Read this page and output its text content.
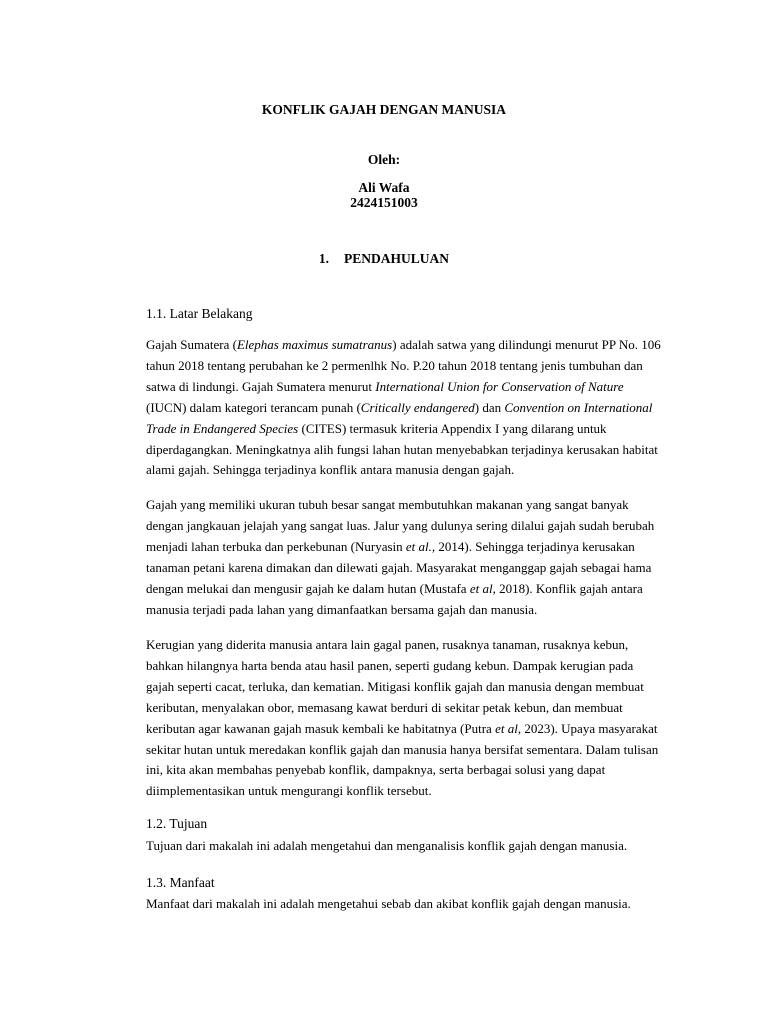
KONFLIK GAJAH DENGAN MANUSIA

Oleh:

Ali Wafa
2424151003

1. PENDAHULUAN
1.1. Latar Belakang

Gajah Sumatera (Elephas maximus sumatranus) adalah satwa yang dilindungi menurut PP No. 106
tahun 2018 tentang perubahan ke 2 permenlhk No. P.20 tahun 2018 tentang jenis tumbuhan dan
satwa di lindungi. Gajah Sumatera menurut International Union for Conservation of Nature
(IUCN) dalam kategori terancam punah (Critically endangered) dan Convention on International
Trade in Endangered Species (CITES) termasuk kriteria Appendix I yang dilarang untuk
diperdagangkan. Meningkatnya alih fungsi lahan hutan menyebabkan terjadinya kerusakan habitat
alami gajah. Sehingga terjadinya konflik antara manusia dengan gajah.

Gajah yang memiliki ukuran tubuh besar sangat membutuhkan makanan yang sangat banyak
dengan jangkauan jelajah yang sangat luas. Jalur yang dulunya sering dilalui gajah sudah berubah
menjadi lahan terbuka dan perkebunan (Nuryasin et al., 2014). Sehingga terjadinya kerusakan
tanaman petani karena dimakan dan dilewati gajah. Masyarakat menganggap gajah sebagai hama
dengan melukai dan mengusir gajah ke dalam hutan (Mustafa et al, 2018). Konflik gajah antara
manusia terjadi pada lahan yang dimanfaatkan bersama gajah dan manusia.

Kerugian yang diderita manusia antara lain gagal panen, rusaknya tanaman, rusaknya kebun,
bahkan hilangnya harta benda atau hasil panen, seperti gudang kebun. Dampak kerugian pada
gajah seperti cacat, terluka, dan kematian. Mitigasi konflik gajah dan manusia dengan membuat
keributan, menyalakan obor, memasang kawat berduri di sekitar petak kebun, dan membuat
keributan agar kawanan gajah masuk kembali ke habitatnya (Putra et al, 2023). Upaya masyarakat
sekitar hutan untuk meredakan konflik gajah dan manusia hanya bersifat sementara. Dalam tulisan
ini, kita akan membahas penyebab konflik, dampaknya, serta berbagai solusi yang dapat
diimplementasikan untuk mengurangi konflik tersebut.

1.2. Tujuan

Tujuan dari makalah ini adalah mengetahui dan menganalisis konflik gajah dengan manusia.

1.3. Manfaat

Manfaat dari makalah ini adalah mengetahui sebab dan akibat konflik gajah dengan manusia.
